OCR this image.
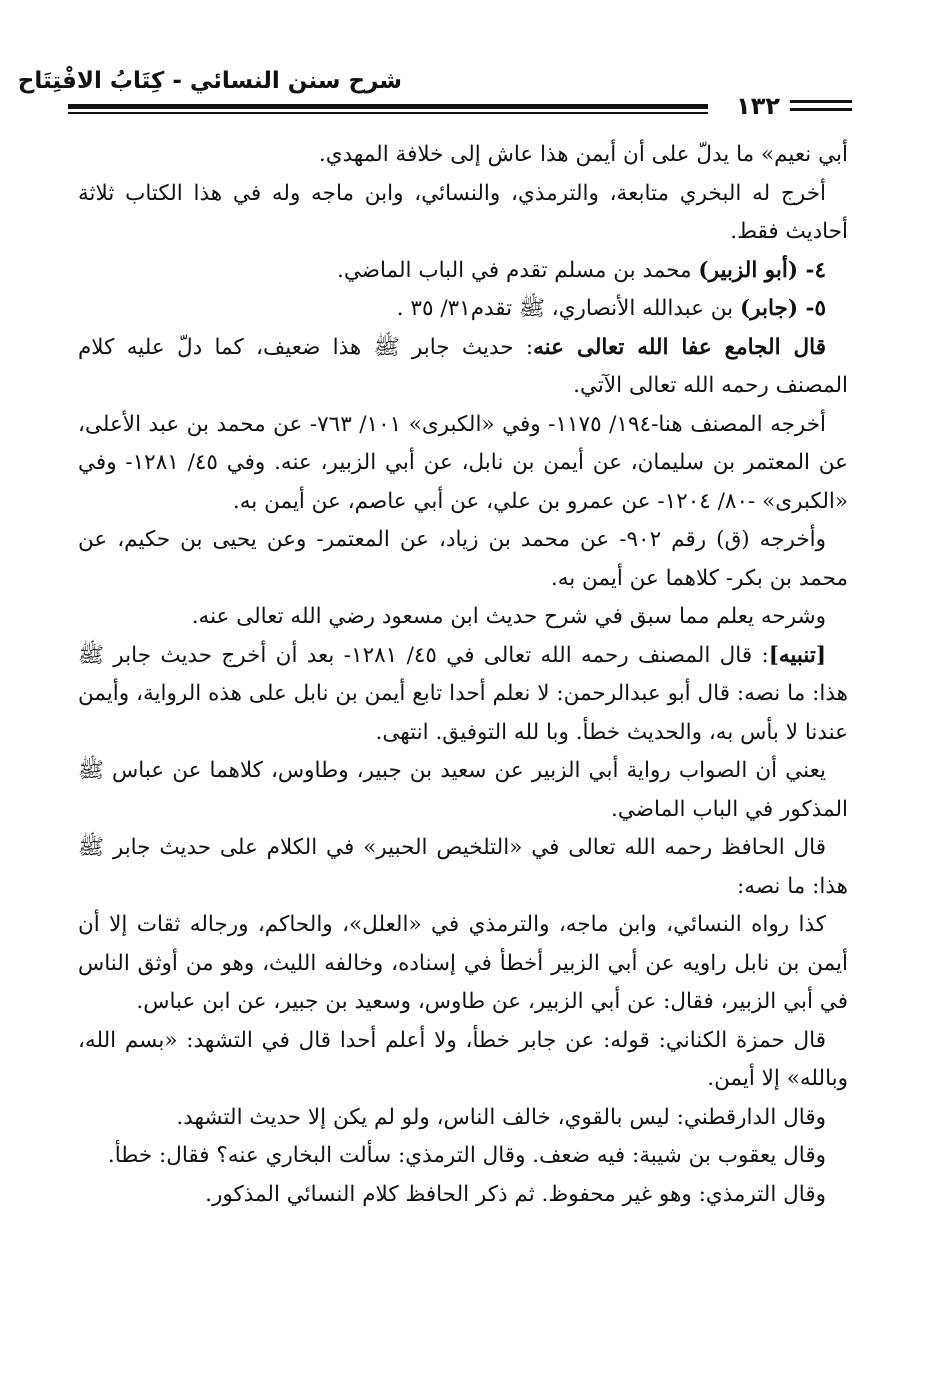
شرح سنن النسائي - كِتَابُ الافْتِتَاح
١٣٢

أبي نعيم» ما يدلّ على أن أيمن هذا عاش إلى خلافة المهدي.

أخرج له البخري متابعة، والترمذي، والنسائي، وابن ماجه وله في هذا الكتاب ثلاثة أحاديث فقط.

٤- (أبو الزبير) محمد بن مسلم تقدم في الباب الماضي.

٥- (جابر) بن عبدالله الأنصاري، ﷺ تقدم٣١/ ٣٥ .

قال الجامع عفا الله تعالى عنه: حديث جابر ﷺ هذا ضعيف، كما دلّ عليه كلام المصنف رحمه الله تعالى الآتي.

أخرجه المصنف هنا-١٩٤/ ١١٧٥- وفي «الكبرى» ١٠١/ ٧٦٣- عن محمد بن عبد الأعلى، عن المعتمر بن سليمان، عن أيمن بن نابل، عن أبي الزبير، عنه. وفي ٤٥/ ١٢٨١- وفي «الكبرى» -٨٠/ ١٢٠٤- عن عمرو بن علي، عن أبي عاصم، عن أيمن به.

وأخرجه (ق) رقم ٩٠٢- عن محمد بن زياد، عن المعتمر- وعن يحيى بن حكيم، عن محمد بن بكر- كلاهما عن أيمن به.

وشرحه يعلم مما سبق في شرح حديث ابن مسعود رضي الله تعالى عنه.

[تنبيه]: قال المصنف رحمه الله تعالى في ٤٥/ ١٢٨١- بعد أن أخرج حديث جابر ﷺ هذا: ما نصه: قال أبو عبدالرحمن: لا نعلم أحدا تابع أيمن بن نابل على هذه الرواية، وأيمن عندنا لا بأس به، والحديث خطأ. وبا لله التوفيق. انتهى.

يعني أن الصواب رواية أبي الزبير عن سعيد بن جبير، وطاوس، كلاهما عن عباس ﷺ المذكور في الباب الماضي.

قال الحافظ رحمه الله تعالى في «التلخيص الحبير» في الكلام على حديث جابر ﷺ هذا: ما نصه:

كذا رواه النسائي، وابن ماجه، والترمذي في «العلل»، والحاكم، ورجاله ثقات إلا أن أيمن بن نابل راويه عن أبي الزبير أخطأ في إسناده، وخالفه الليث، وهو من أوثق الناس في أبي الزبير، فقال: عن أبي الزبير، عن طاوس، وسعيد بن جبير، عن ابن عباس.

قال حمزة الكناني: قوله: عن جابر خطأ، ولا أعلم أحدا قال في التشهد: «بسم الله، وبالله» إلا أيمن.

وقال الدارقطني: ليس بالقوي، خالف الناس، ولو لم يكن إلا حديث التشهد.

وقال يعقوب بن شيبة: فيه ضعف. وقال الترمذي: سألت البخاري عنه؟ فقال: خطأ.

وقال الترمذي: وهو غير محفوظ. ثم ذكر الحافظ كلام النسائي المذكور.
